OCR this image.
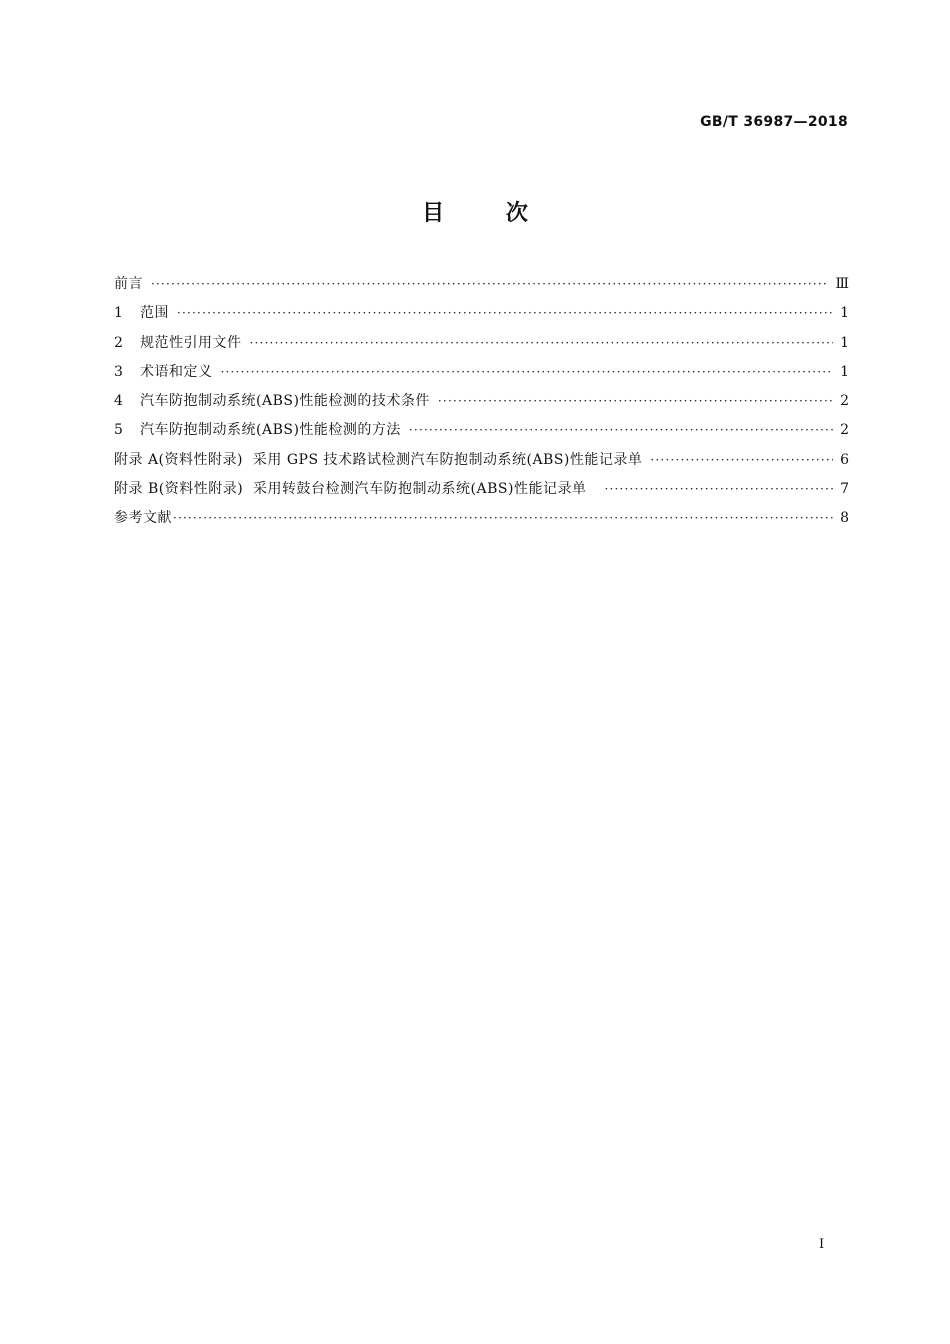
GB/T 36987—2018
目 次
前言 ·····	Ⅲ
1	范围 ·····	1
2	规范性引用文件 ·····	1
3	术语和定义 ·····	1
4	汽车防抱制动系统(ABS)性能检测的技术条件 ·····	2
5	汽车防抱制动系统(ABS)性能检测的方法 ·····	2
附录 A(资料性附录)  采用 GPS 技术路试检测汽车防抱制动系统(ABS)性能记录单 ·····	6
附录 B(资料性附录)  采用转鼓台检测汽车防抱制动系统(ABS)性能记录单 ·····	7
参考文献 ·····	8
I
